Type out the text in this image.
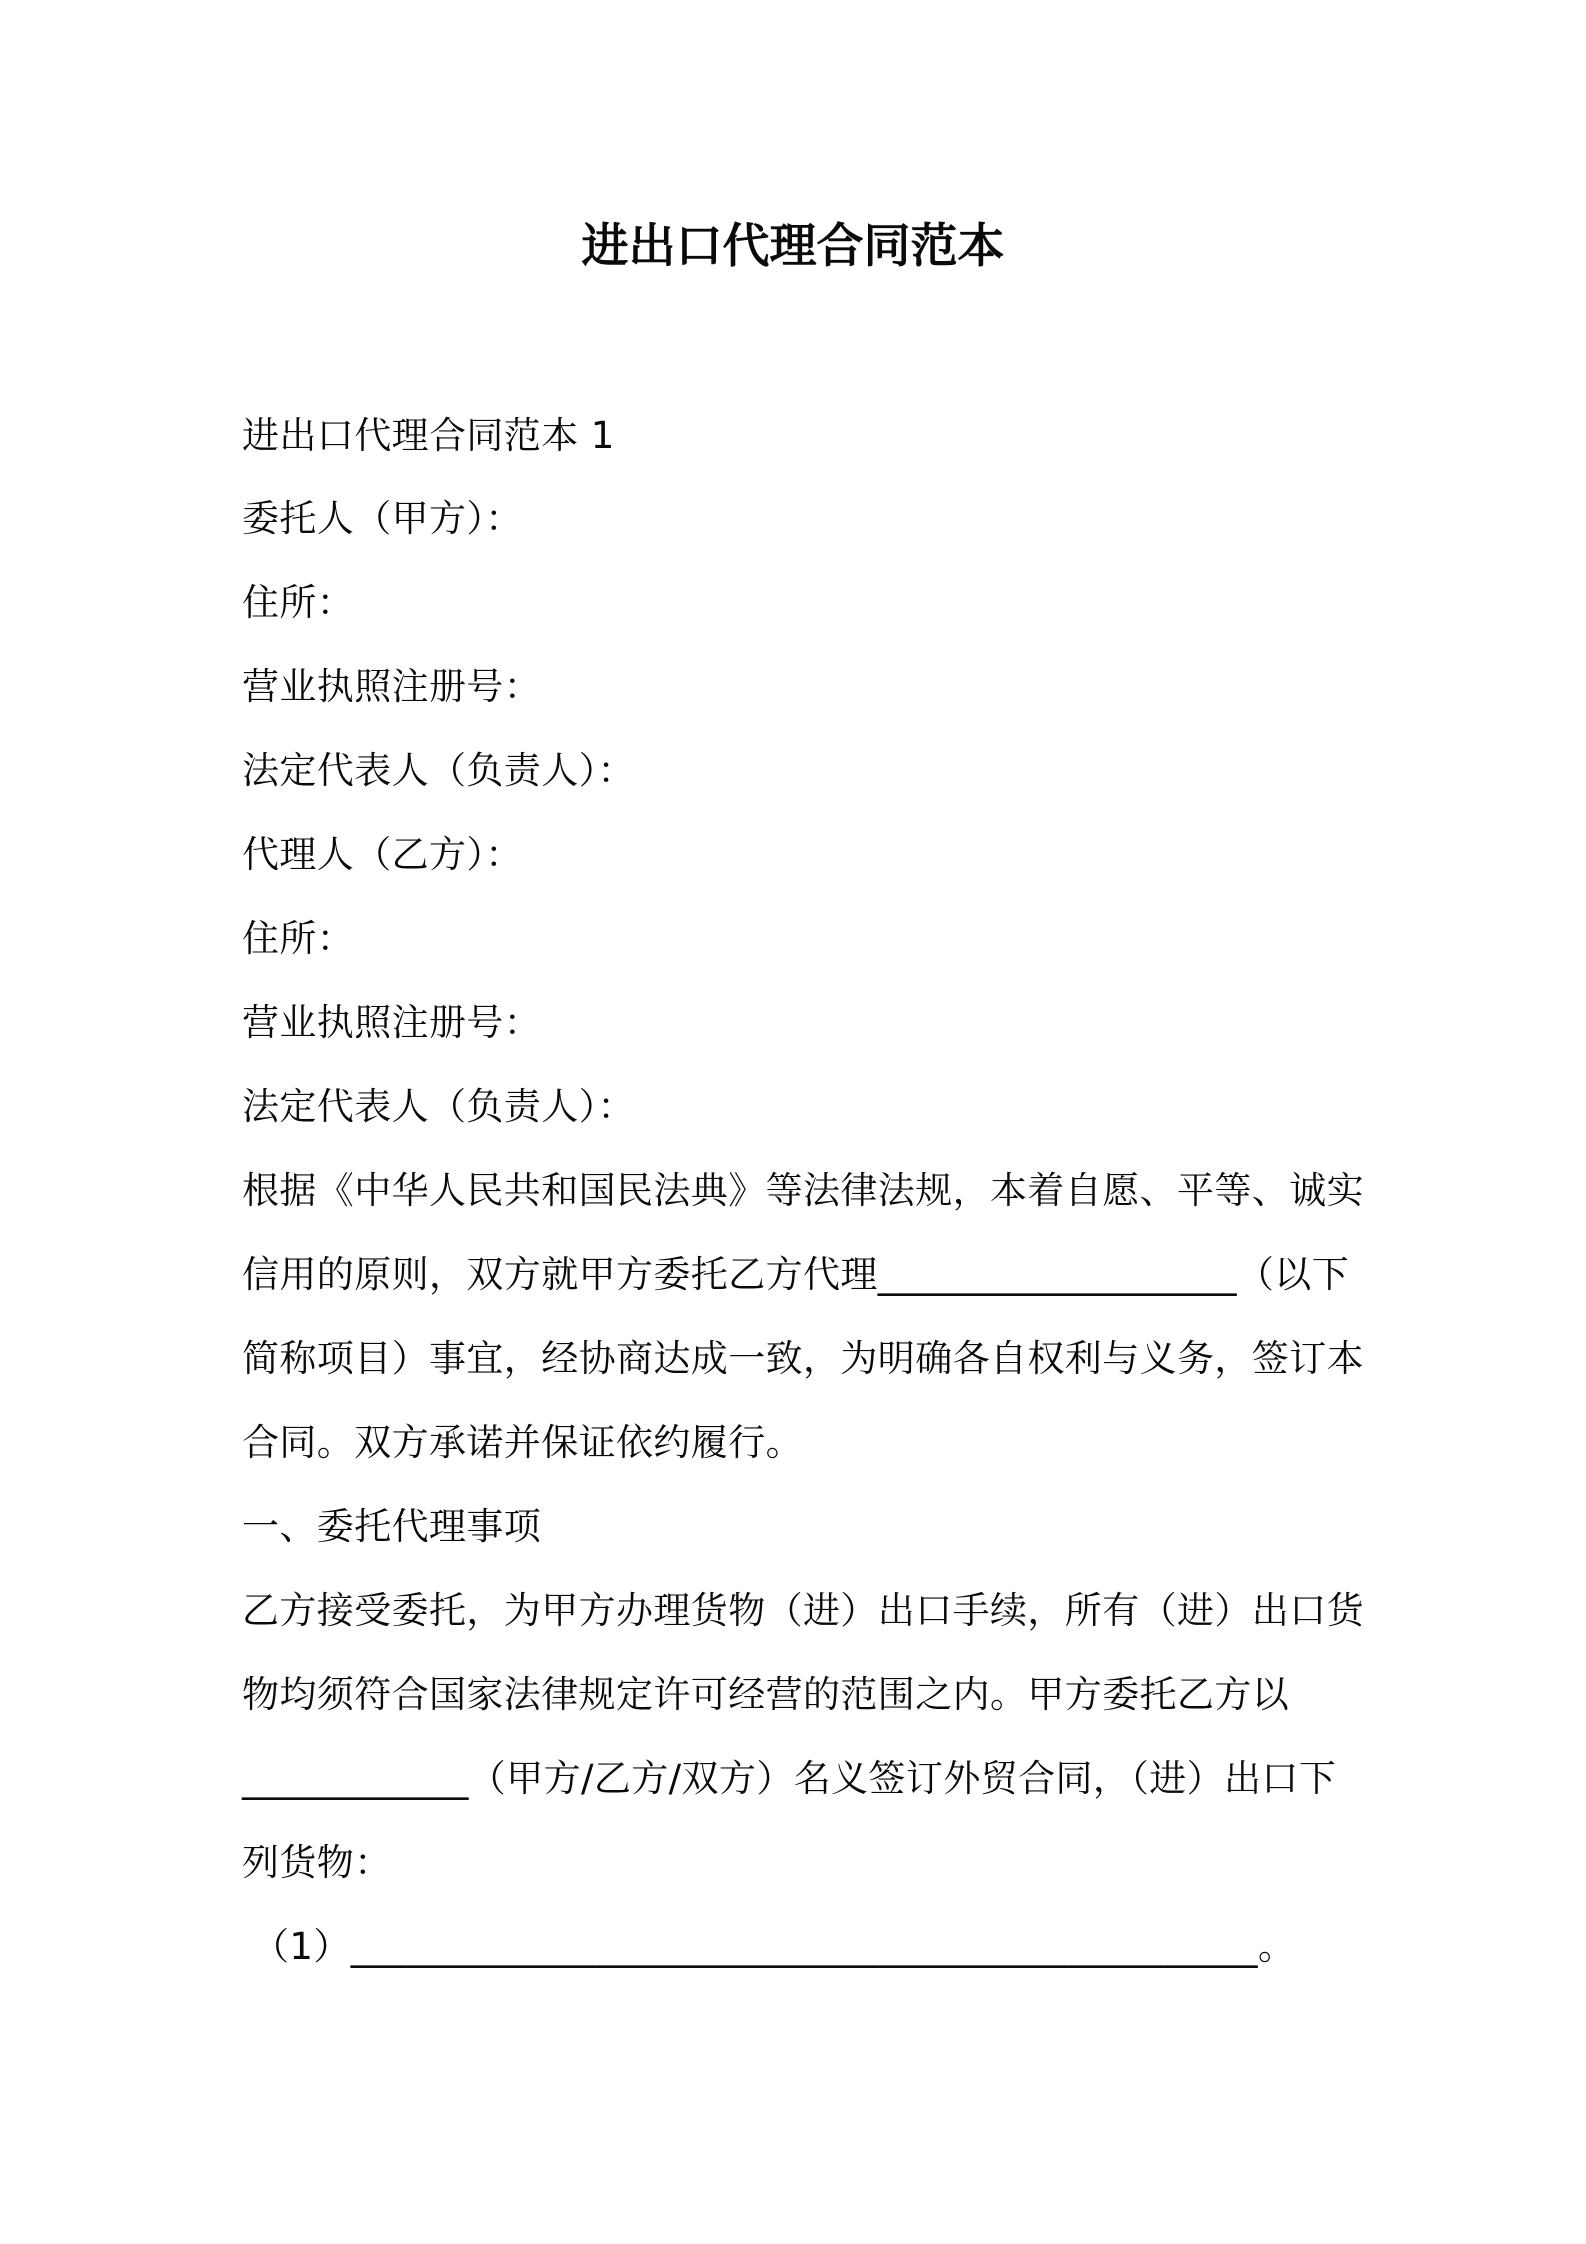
进出口代理合同范本
进出口代理合同范本 1
委托人（甲方）：
住所：
营业执照注册号：
法定代表人（负责人）：
代理人（乙方）：
住所：
营业执照注册号：
法定代表人（负责人）：
根据《中华人民共和国民法典》等法律法规，本着自愿、平等、诚实
信用的原则，双方就甲方委托乙方代理___________________（以下
简称项目）事宜，经协商达成一致，为明确各自权利与义务，签订本
合同。双方承诺并保证依约履行。
一、委托代理事项
乙方接受委托，为甲方办理货物（进）出口手续，所有（进）出口货
物均须符合国家法律规定许可经营的范围之内。甲方委托乙方以
____________（甲方/乙方/双方）名义签订外贸合同，（进）出口下
列货物：
（1）________________________________________________。
